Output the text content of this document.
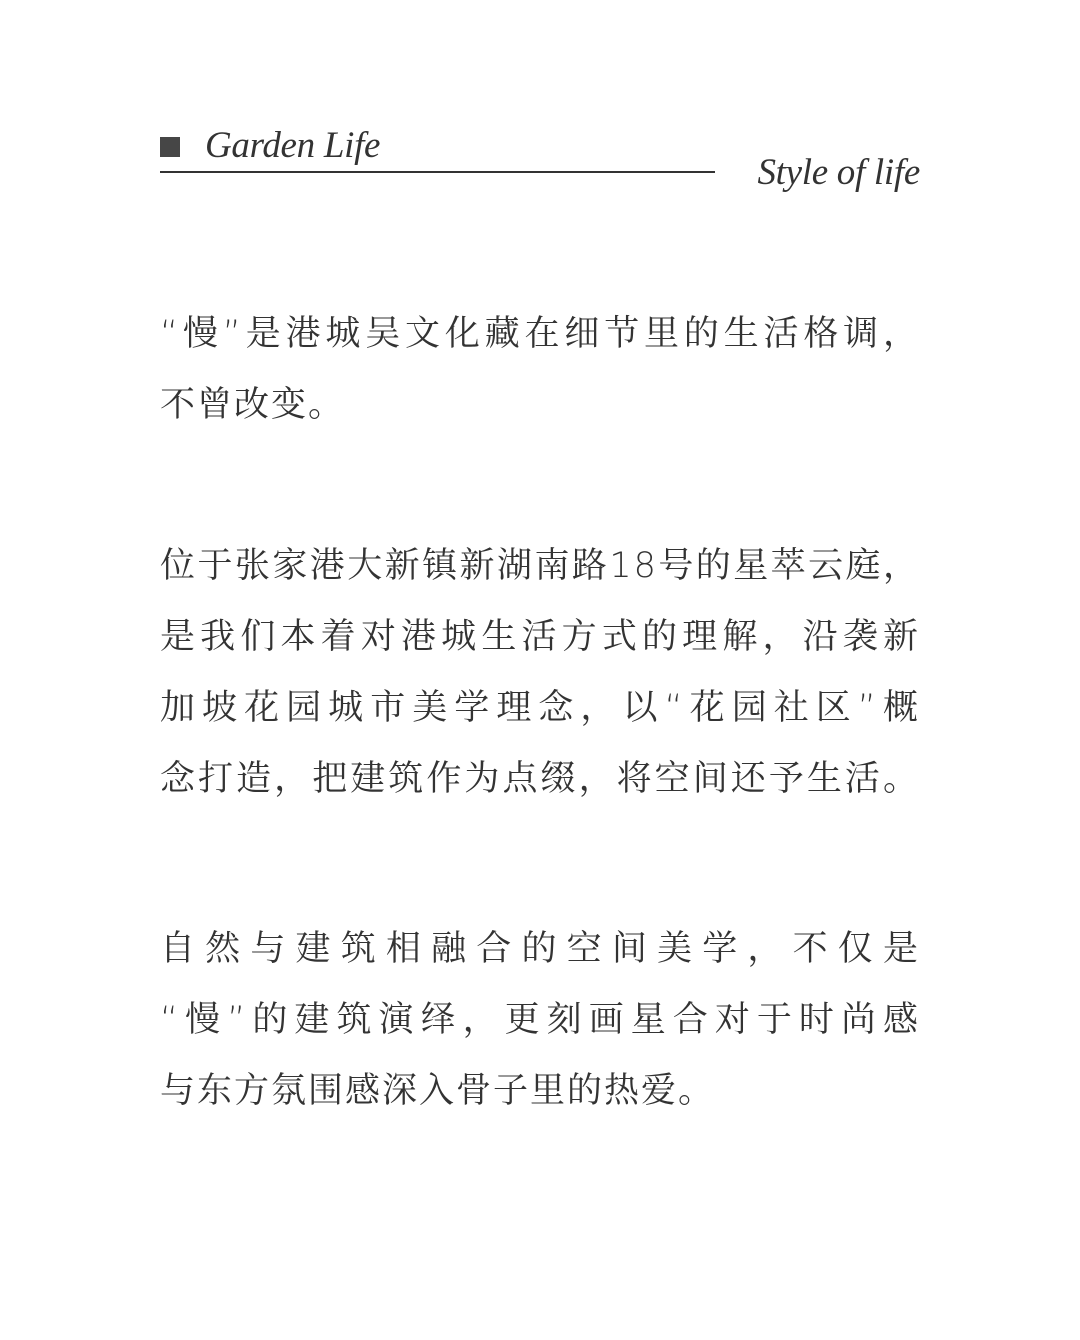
Garden Life
Style of life
“慢”是港城吴文化藏在细节里的生活格调，
不曾改变。
位于张家港大新镇新湖南路18号的星萃云庭，
是我们本着对港城生活方式的理解，沿袭新
加坡花园城市美学理念，以“花园社区”概
念打造，把建筑作为点缀，将空间还予生活。
自然与建筑相融合的空间美学，不仅是
“慢”的建筑演绎，更刻画星合对于时尚感
与东方氛围感深入骨子里的热爱。
